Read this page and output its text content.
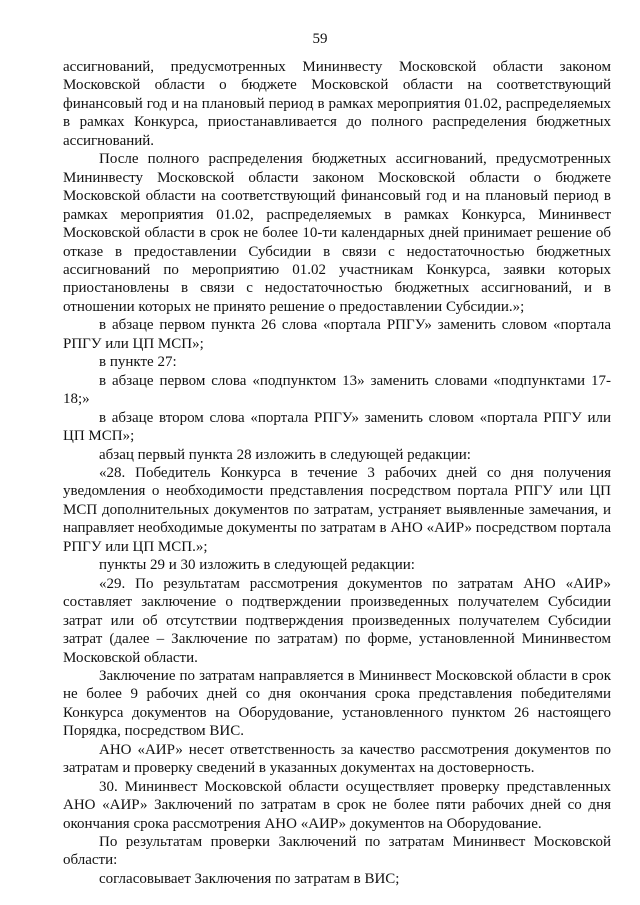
59

ассигнований, предусмотренных Мининвесту Московской области законом Московской области о бюджете Московской области на соответствующий финансовый год и на плановый период в рамках мероприятия 01.02, распределяемых в рамках Конкурса, приостанавливается до полного распределения бюджетных ассигнований.

После полного распределения бюджетных ассигнований, предусмотренных Мининвесту Московской области законом Московской области о бюджете Московской области на соответствующий финансовый год и на плановый период в рамках мероприятия 01.02, распределяемых в рамках Конкурса, Мининвест Московской области в срок не более 10-ти календарных дней принимает решение об отказе в предоставлении Субсидии в связи с недостаточностью бюджетных ассигнований по мероприятию 01.02 участникам Конкурса, заявки которых приостановлены в связи с недостаточностью бюджетных ассигнований, и в отношении которых не принято решение о предоставлении Субсидии.»;

в абзаце первом пункта 26 слова «портала РПГУ» заменить словом «портала РПГУ или ЦП МСП»;

в пункте 27:

в абзаце первом слова «подпунктом 13» заменить словами «подпунктами 17-18;»

в абзаце втором слова «портала РПГУ» заменить словом «портала РПГУ или ЦП МСП»;

абзац первый пункта 28 изложить в следующей редакции:

«28. Победитель Конкурса в течение 3 рабочих дней со дня получения уведомления о необходимости представления посредством портала РПГУ или ЦП МСП дополнительных документов по затратам, устраняет выявленные замечания, и направляет необходимые документы по затратам в АНО «АИР» посредством портала РПГУ или ЦП МСП.»;

пункты 29 и 30 изложить в следующей редакции:

«29. По результатам рассмотрения документов по затратам АНО «АИР» составляет заключение о подтверждении произведенных получателем Субсидии затрат или об отсутствии подтверждения произведенных получателем Субсидии затрат (далее – Заключение по затратам) по форме, установленной Мининвестом Московской области.

Заключение по затратам направляется в Мининвест Московской области в срок не более 9 рабочих дней со дня окончания срока представления победителями Конкурса документов на Оборудование, установленного пунктом 26 настоящего Порядка, посредством ВИС.

АНО «АИР» несет ответственность за качество рассмотрения документов по затратам и проверку сведений в указанных документах на достоверность.

30. Мининвест Московской области осуществляет проверку представленных АНО «АИР» Заключений по затратам в срок не более пяти рабочих дней со дня окончания срока рассмотрения АНО «АИР» документов на Оборудование.

По результатам проверки Заключений по затратам Мининвест Московской области:

согласовывает Заключения по затратам в ВИС;
